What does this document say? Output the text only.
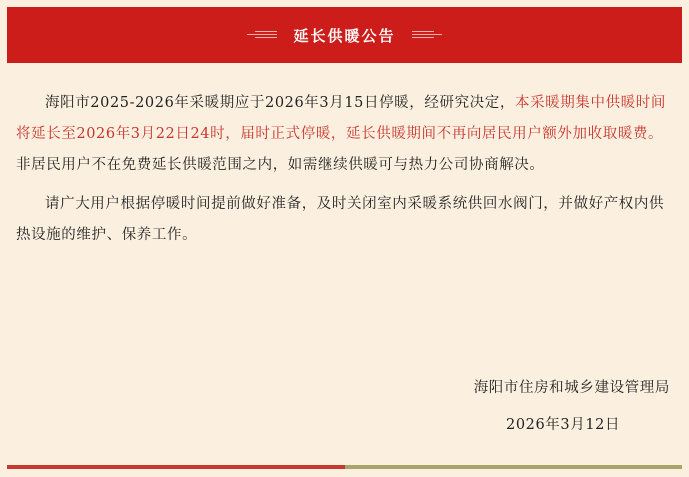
延长供暖公告

海阳市2025-2026年采暖期应于2026年3月15日停暖，经研究决定，本采暖期集中供暖时间将延长至2026年3月22日24时，届时正式停暖，延长供暖期间不再向居民用户额外加收取暖费。非居民用户不在免费延长供暖范围之内，如需继续供暖可与热力公司协商解决。

请广大用户根据停暖时间提前做好准备，及时关闭室内采暖系统供回水阀门，并做好产权内供热设施的维护、保养工作。

海阳市住房和城乡建设管理局
2026年3月12日
